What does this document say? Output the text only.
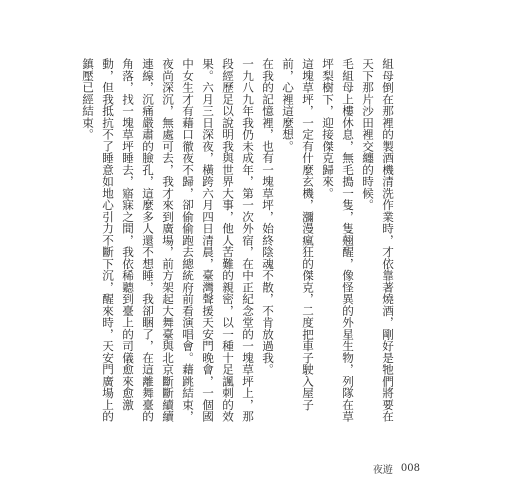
組母倒在那裡的製酒機清洗作業時，才依靠著燒酒，剛好是牠們將要在天下那片沙田裡交纏的時候。

毛組母上樓休息，無毛搗一隻，隻翹醒，像怪異的外星生物，列隊在草坪梨樹下，迎接傑克歸來。

這塊草坪，一定有什麼玄機，瀰漫瘋狂的傑克，二度把車子駛入屋子前，心裡這麼想。

在我的記憶裡，也有一塊草坪，始終陰魂不散，不肯放過我。

一九八九年我仍未成年，第一次外宿，在中正紀念堂的一塊草坪上，那段經歷足以說明我與世界大事，他人苦難的親密，以一種十足諷刺的效果。六月三日深夜，橫跨六月四日清晨，臺灣聲援天安門晚會，一個國中女生才有藉口徹夜不歸，卻偷偷跑去總統府前看演唱會。藉跳結束，夜尚深沉，無處可去，我才來到廣場，前方架起大舞臺與北京斷斷續續連線，沉痛嚴肅的臉孔，這麼多人還不想睡，我卻睏了，在這離舞臺的角落，找一塊草坪睡去，寤寐之間，我依稀聽到臺上的司儀愈來愈激動，但我抵抗不了睡意如地心引力不斷下沉，醒來時，天安門廣場上的鎮壓已經結束。

夜遊 008
